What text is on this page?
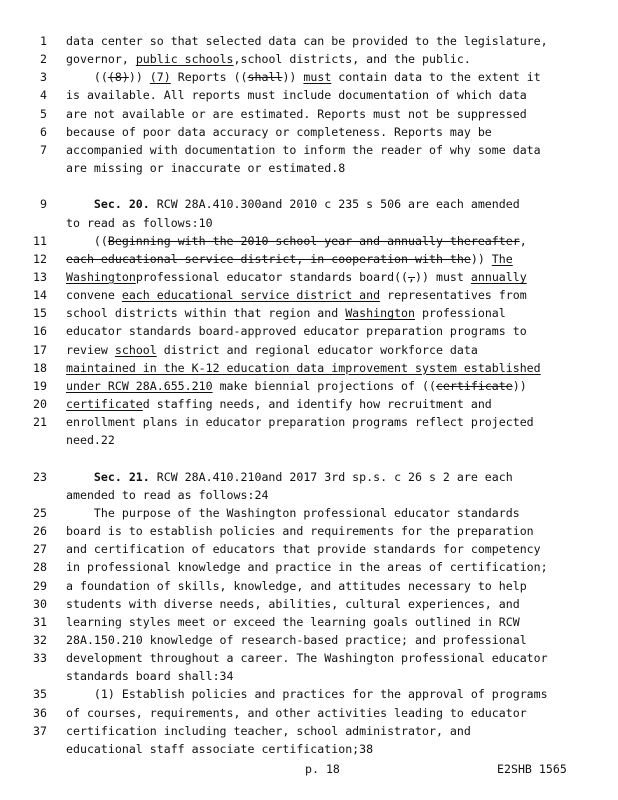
1 data center so that selected data can be provided to the legislature,
2 governor, public schools,school districts, and the public.
3 (((8))) (7) Reports ((shall)) must contain data to the extent it
4 is available. All reports must include documentation of which data
5 are not available or are estimated. Reports must not be suppressed
6 because of poor data accuracy or completeness. Reports may be
7 accompanied with documentation to inform the reader of why some data
are missing or inaccurate or estimated.8
9	Sec. 20. RCW 28A.410.300and 2010 c 235 s 506 are each amended
to read as follows:10
11 ((Beginning with the 2010 school year and annually thereafter,
12 each educational service district, in cooperation with the)) The
13 Washingtonprofessional educator standards board((,)) must annually
14 convene each educational service district and representatives from
15 school districts within that region and Washington professional
16 educator standards board-approved educator preparation programs to
17 review school district and regional educator workforce data
18 maintained in the K-12 education data improvement system established
19 under RCW 28A.655.210 make biennial projections of ((certificate))
20 certificated staffing needs, and identify how recruitment and
21 enrollment plans in educator preparation programs reflect projected
need.22
23	Sec. 21. RCW 28A.410.210and 2017 3rd sp.s. c 26 s 2 are each
amended to read as follows:24
25 The purpose of the Washington professional educator standards
26 board is to establish policies and requirements for the preparation
27 and certification of educators that provide standards for competency
28 in professional knowledge and practice in the areas of certification;
29 a foundation of skills, knowledge, and attitudes necessary to help
30 students with diverse needs, abilities, cultural experiences, and
31 learning styles meet or exceed the learning goals outlined in RCW
32 28A.150.210 knowledge of research-based practice; and professional
33 development throughout a career. The Washington professional educator
standards board shall:34
35 (1) Establish policies and practices for the approval of programs
36 of courses, requirements, and other activities leading to educator
37 certification including teacher, school administrator, and
educational staff associate certification;38
p. 18	E2SHB 1565
